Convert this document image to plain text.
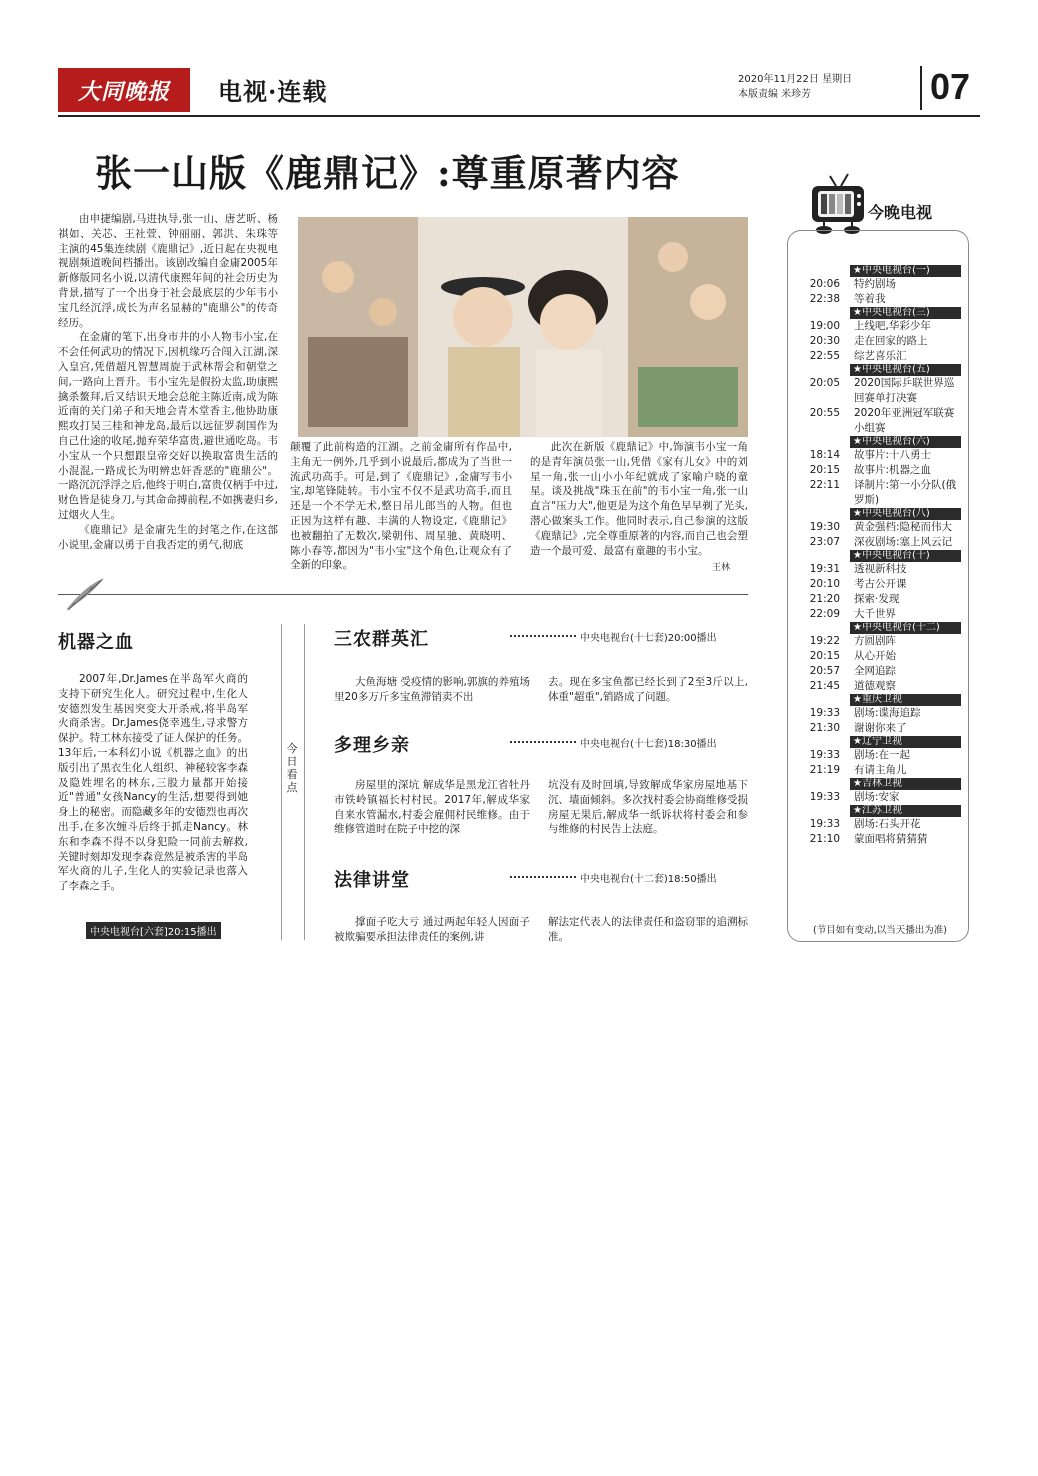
大同晚报 电视·连载	2020年11月22日 星期日
本版责编 米珍芳	07
张一山版《鹿鼎记》:尊重原著内容

由申捷编剧,马进执导,张一山、唐艺昕、杨祺如、关芯、王社萱、钟丽丽、郭洪、朱珠等主演的45集连续剧《鹿鼎记》,近日起在央视电视剧频道晚间档播出。该剧改编自金庸2005年新修版同名小说,以清代康熙年间的社会历史为背景,描写了一个出身于社会最底层的少年韦小宝几经沉浮,成长为声名显赫的"鹿鼎公"的传奇经历。

在金庸的笔下,出身市井的小人物韦小宝,在不会任何武功的情况下,因机缘巧合闯入江湖,深入皇宫,凭借超凡智慧周旋于武林帮会和朝堂之间,一路向上晋升。韦小宝先是假扮太监,助康熙擒杀鳌拜,后又结识天地会总舵主陈近南,成为陈近南的关门弟子和天地会青木堂香主,他协助康熙攻打吴三桂和神龙岛,最后以远征罗刹国作为自己仕途的收尾,抛弃荣华富贵,避世通吃岛。韦小宝从一个只想跟皇帝交好以换取富贵生活的小混混,一路成长为明辨忠奸香恶的"鹿鼎公"。一路沉沉浮浮之后,他终于明白,富贵仅柄手中过,财色皆是徒身刀,与其命命搏前程,不如携妻归乡,过烟火人生。

《鹿鼎记》是金庸先生的封笔之作,在这部小说里,金庸以勇于自我否定的勇气,彻底

颠覆了此前构造的江湖。之前金庸所有作品中,主角无一例外,几乎到小说最后,都成为了当世一流武功高手。可是,到了《鹿鼎记》,金庸写韦小宝,却笔锋陡转。韦小宝不仅不是武功高手,而且还是一个不学无术,整日吊儿郎当的人物。但也正因为这样有趣、丰满的人物设定,《鹿鼎记》也被翻拍了无数次,梁朝伟、周星驰、黄晓明、陈小春等,都因为"韦小宝"这个角色,让观众有了全新的印象。

此次在新版《鹿鼎记》中,饰演韦小宝一角的是青年演员张一山,凭借《家有儿女》中的刘星一角,张一山小小年纪就成了家喻户晓的童星。谈及挑战"珠玉在前"的韦小宝一角,张一山直言"压力大",他更是为这个角色早早剃了光头,潜心做案头工作。他同时表示,自己参演的这版《鹿鼎记》,完全尊重原著的内容,而自己也会塑造一个最可爱、最富有童趣的韦小宝。

王林
机器之血

2007年,Dr.James在半岛军火商的支持下研究生化人。研究过程中,生化人安德烈发生基因突变大开杀戒,将半岛军火商杀害。Dr.James侥幸逃生,寻求警方保护。特工林东接受了证人保护的任务。13年后,一本科幻小说《机器之血》的出版引出了黑衣生化人组织、神秘较客李森及隐姓埋名的林东,三股力量都开始接近"普通"女孩Nancy的生活,想要得到她身上的秘密。而隐藏多年的安德烈也再次出手,在多次缠斗后终于抓走Nancy。林东和李森不得不以身犯险一同前去解救,关键时刻却发现李森竟然是被杀害的半岛军火商的儿子,生化人的实验记录也落入了李森之手。

中央电视台[六套]20:15播出
今日看点
三农群英汇	中央电视台(十七套)20:00播出

大鱼海塘 受疫情的影响,郭旗的养殖场里20多万斤多宝鱼滞销卖不出

去。现在多宝鱼都已经长到了2至3斤以上,体重"超重",销路成了问题。

多理乡亲	中央电视台(十七套)18:30播出

房屋里的深坑 解成华是黑龙江省牡丹市铁岭镇福长村村民。2017年,解成华家自来水管漏水,村委会雇佣村民维修。由于维修管道时在院子中挖的深

坑没有及时回填,导致解成华家房屋地基下沉、墙面倾斜。多次找村委会协商维修受损房屋无果后,解成华一纸诉状将村委会和参与维修的村民告上法庭。

法律讲堂	中央电视台(十二套)18:50播出

撑面子吃大亏 通过两起年轻人因面子被欺骗要承担法律责任的案例,讲

解法定代表人的法律责任和盗窃罪的追溯标准。

今晚电视
★中央电视台(一)
20:06	特约剧场
22:38	等着我
★中央电视台(三)
19:00	上线吧,华彩少年
20:30	走在回家的路上
22:55	综艺喜乐汇
★中央电视台(五)
20:05	2020国际乒联世界巡回赛单打决赛
20:55	2020年亚洲冠军联赛小组赛
★中央电视台(六)
18:14	故事片:十八勇士
20:15	故事片:机器之血
22:11	译制片:第一小分队(俄罗斯)
★中央电视台(八)
19:30	黄金强档:隐秘而伟大
23:07	深夜剧场:塞上风云记
★中央电视台(十)
19:31	透视新科技
20:10	考古公开课
21:20	探索·发现
22:09	大千世界
★中央电视台(十二)
19:22	方圆剧阵
20:15	从心开始
20:57	全网追踪
21:45	道德观察
★重庆卫视
19:33	剧场:谍海追踪
21:30	谢谢你来了
★辽宁卫视
19:33	剧场:在一起
21:19	有请主角儿
★吉林卫视
19:33	剧场:安家
★江苏卫视
19:33	剧场:石头开花
21:10	蒙面唱将猜猜猜
(节目如有变动,以当天播出为准)
